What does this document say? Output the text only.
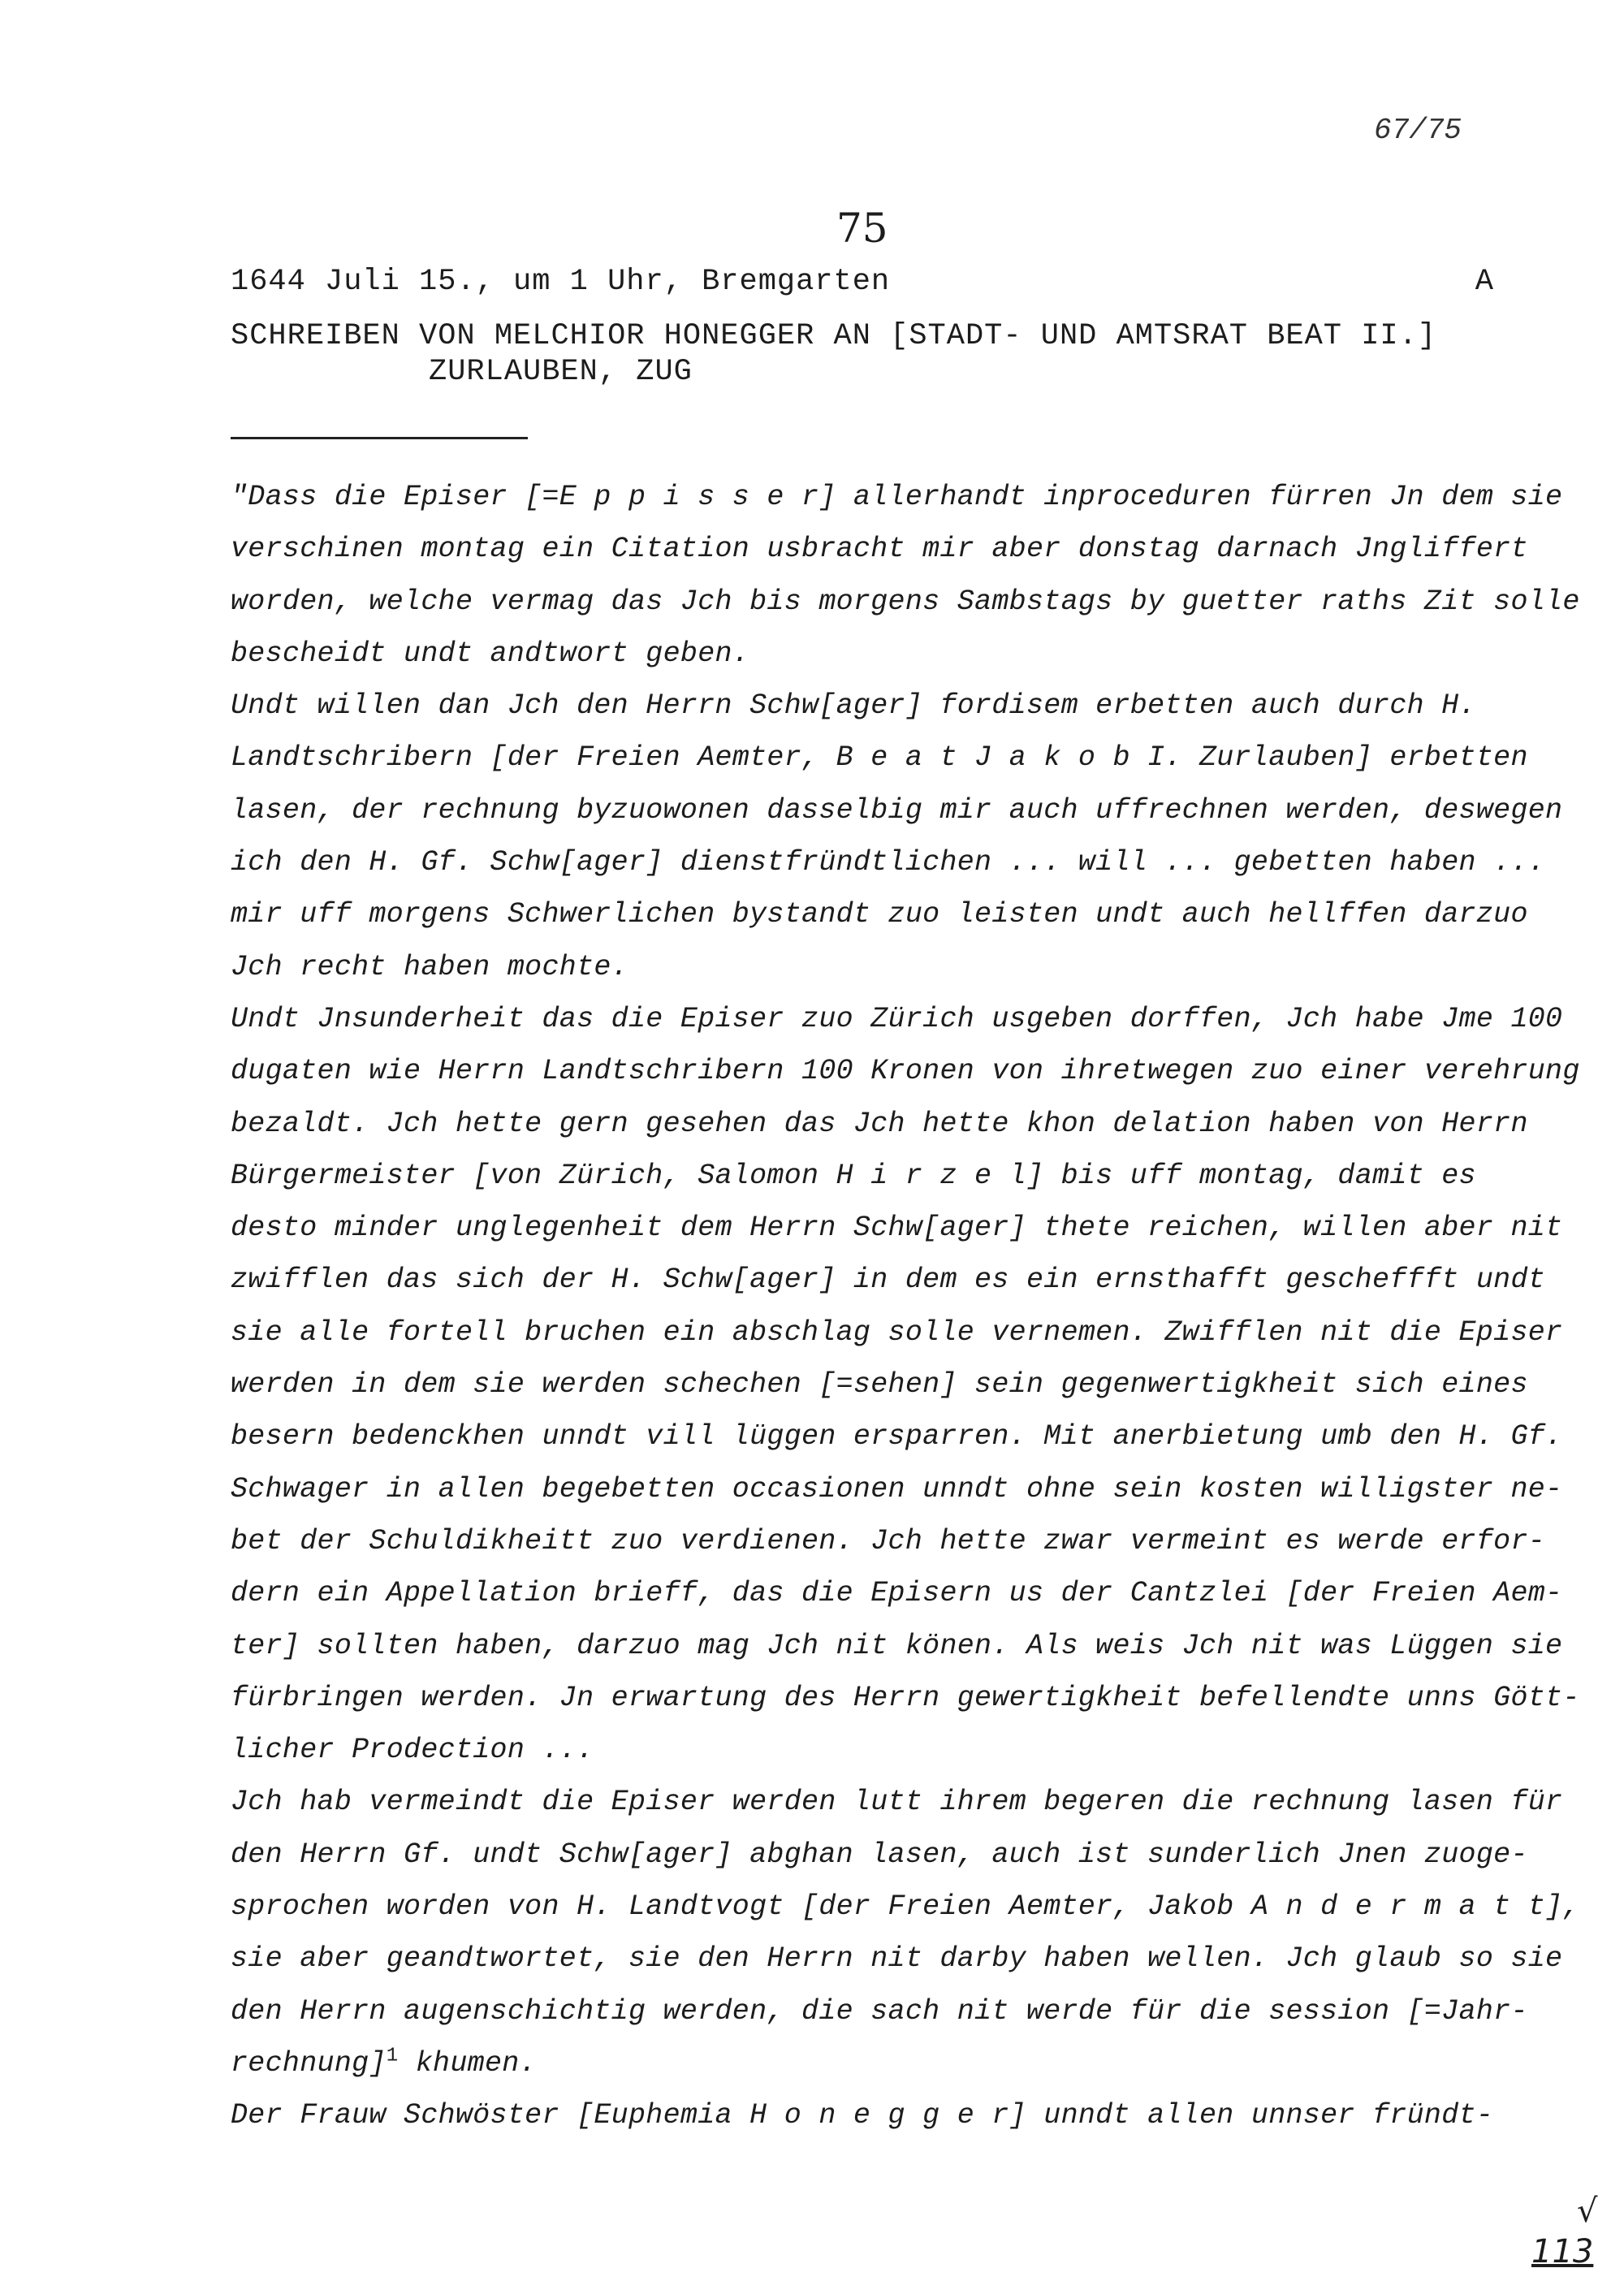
67/75
75
1644 Juli 15., um 1 Uhr, Bremgarten	A
SCHREIBEN VON MELCHIOR HONEGGER AN [STADT- UND AMTSRAT BEAT II.]
ZURLAUBEN, ZUG
"Dass die Episer [=E p p i s s e r] allerhandt inproceduren fürren Jn dem sie
verschinen montag ein Citation usbracht mir aber donstag darnach Jngliffert
worden, welche vermag das Jch bis morgens Sambstags by guetter raths Zit solle
bescheidt undt andtwort geben.
Undt willen dan Jch den Herrn Schw[ager] fordisem erbetten auch durch H.
Landtschribern [der Freien Aemter, B e a t J a k o b I. Zurlauben] erbetten
lasen, der rechnung byzuowonen dasselbig mir auch uffrechnen werden, deswegen
ich den H. Gf. Schw[ager] dienstfründtlichen ... will ... gebetten haben ...
mir uff morgens Schwerlichen bystandt zuo leisten undt auch hellffen darzuo
Jch recht haben mochte.
Undt Jnsunderheit das die Episer zuo Zürich usgeben dorffen, Jch habe Jme 100
dugaten wie Herrn Landtschribern 100 Kronen von ihretwegen zuo einer verehrung
bezaldt. Jch hette gern gesehen das Jch hette khon delation haben von Herrn
Bürgermeister [von Zürich, Salomon H i r z e l] bis uff montag, damit es
desto minder unglegenheit dem Herrn Schw[ager] thete reichen, willen aber nit
zwifflen das sich der H. Schw[ager] in dem es ein ernsthafft gescheffft undt
sie alle fortell bruchen ein abschlag solle vernemen. Zwifflen nit die Episer
werden in dem sie werden schechen [=sehen] sein gegenwertigkheit sich eines
besern bedenckhen unndt vill lüggen ersparren. Mit anerbietung umb den H. Gf.
Schwager in allen begebetten occasionen unndt ohne sein kosten willigster ne-
bet der Schuldikheitt zuo verdienen. Jch hette zwar vermeint es werde erfor-
dern ein Appellation brieff, das die Episern us der Cantzlei [der Freien Aem-
ter] sollten haben, darzuo mag Jch nit könen. Als weis Jch nit was Lüggen sie
fürbringen werden. Jn erwartung des Herrn gewertigkheit befellendte unns Gött-
licher Prodection ...
Jch hab vermeindt die Episer werden lutt ihrem begeren die rechnung lasen für
den Herrn Gf. undt Schw[ager] abghan lasen, auch ist sunderlich Jnen zuoge-
sprochen worden von H. Landtvogt [der Freien Aemter, Jakob A n d e r m a t t],
sie aber geandtwortet, sie den Herrn nit darby haben wellen. Jch glaub so sie
den Herrn augenschichtig werden, die sach nit werde für die session [=Jahr-
rechnung]$^1$ khumen.
Der Frauw Schwöster [Euphemia H o n e g g e r] unndt allen unnser fründt-
√
113
